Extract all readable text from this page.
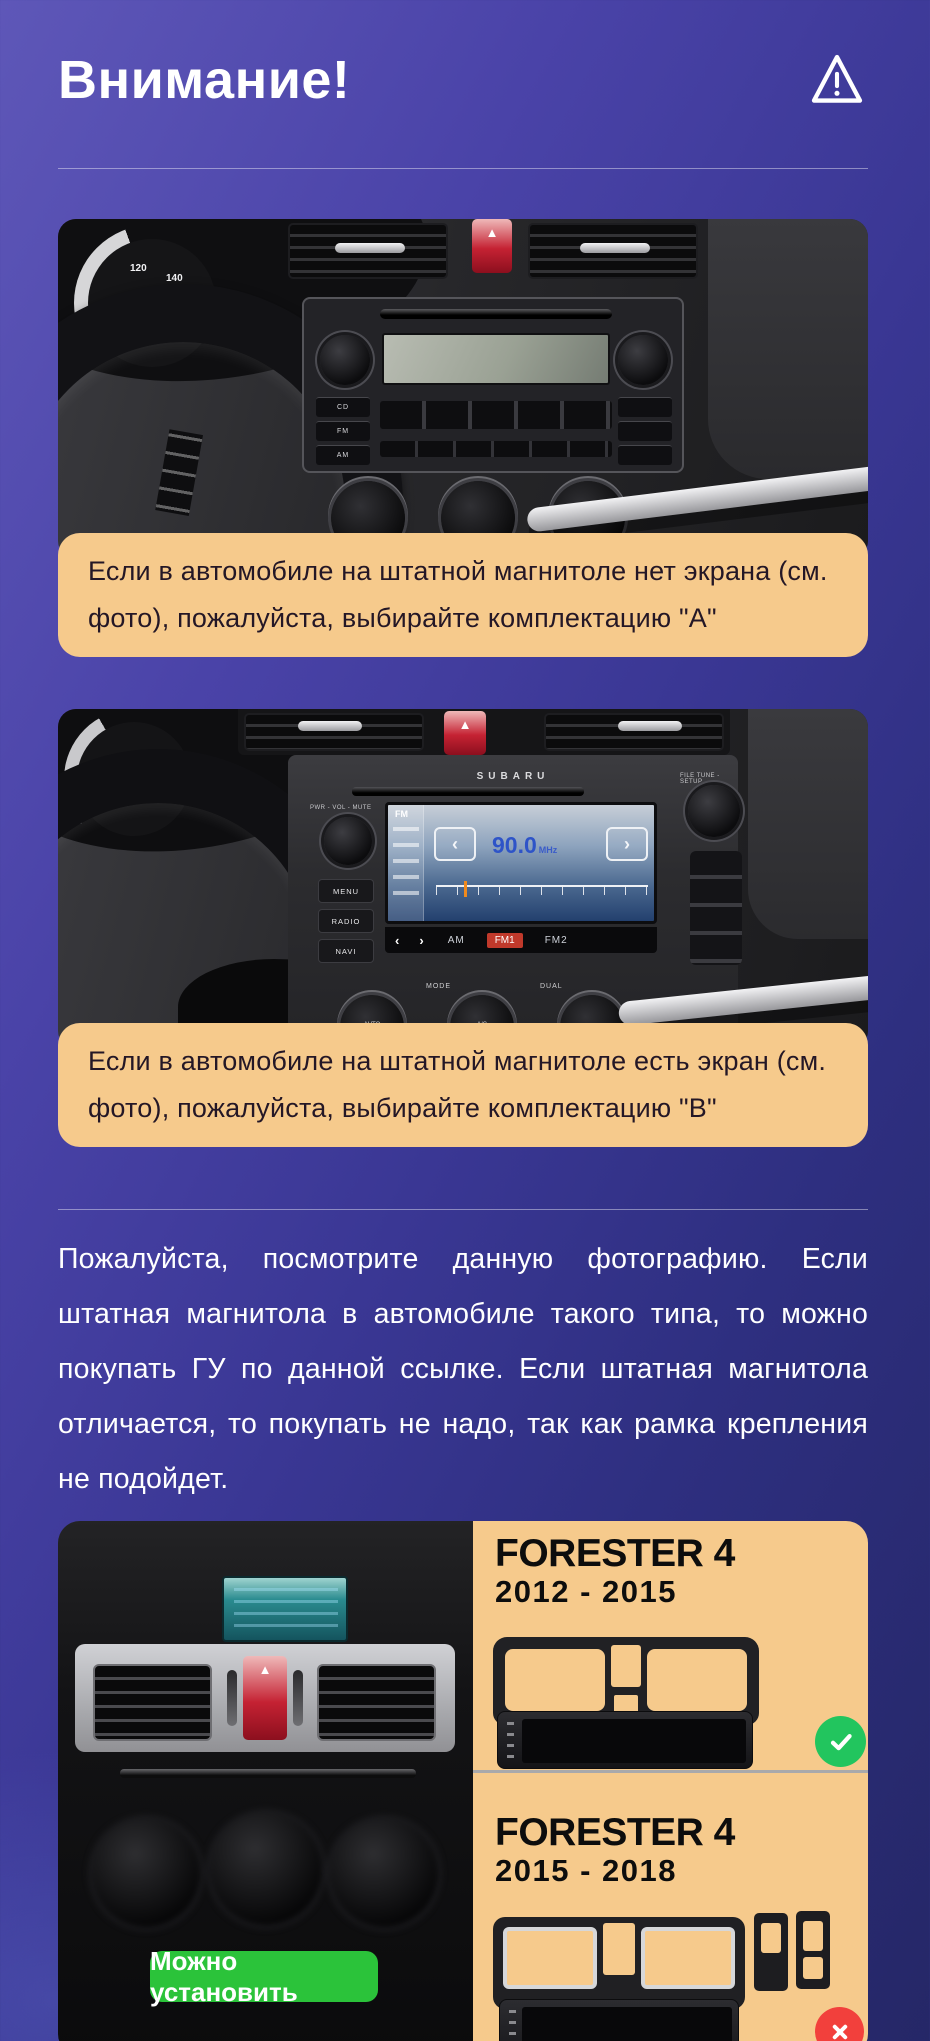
Внимание!
120
140
160
km/h
▲
CD
FM
AM
Если в автомобиле на штатной магнитоле нет экрана (см. фото), пожалуйста, выбирайте комплектацию "A"
▲
SUBARU
PWR - VOL - MUTE
FILE TUNE - SETUP
FM
‹	›
90.0 MHz
‹ › AM	FM1	FM2
MENU
RADIO
NAVI
MODE	DUAL
Если в автомобиле на штатной магнитоле есть экран (см. фото), пожалуйста, выбирайте комплектацию "B"

Пожалуйста, посмотрите данную фотографию. Если штатная магнитола в автомобиле такого типа, то можно покупать ГУ по данной ссылке. Если штатная магнитола отличается, то покупать не надо, так как рамка крепления не подойдет.

▲
Можно установить
FORESTER 4
2012 - 2015
FORESTER 4
2015 - 2018
